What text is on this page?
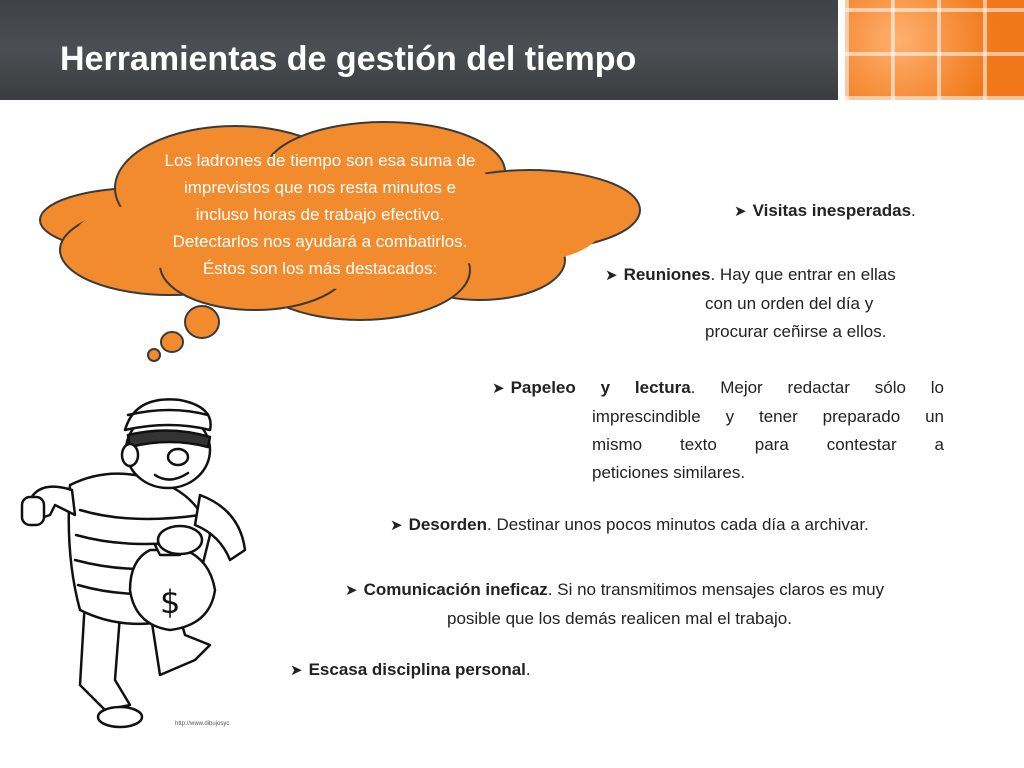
Herramientas de gestión del tiempo
Los ladrones de tiempo son esa suma de
imprevistos que nos resta minutos e
incluso horas de trabajo efectivo.
Detectarlos nos ayudará a combatirlos.
Éstos son los más destacados:
➤ Visitas inesperadas.
➤ Reuniones. Hay que entrar en ellas
con un orden del día y
procurar ceñirse a ellos.
➤ Papeleo y lectura. Mejor redactar sólo lo
imprescindible y tener preparado un
mismo texto para contestar a
peticiones similares.
➤ Desorden. Destinar unos pocos minutos cada día a archivar.
➤ Comunicación ineficaz. Si no transmitimos mensajes claros es muy
posible que los demás realicen mal el trabajo.
➤ Escasa disciplina personal.
$
http://www.dibujosyc
